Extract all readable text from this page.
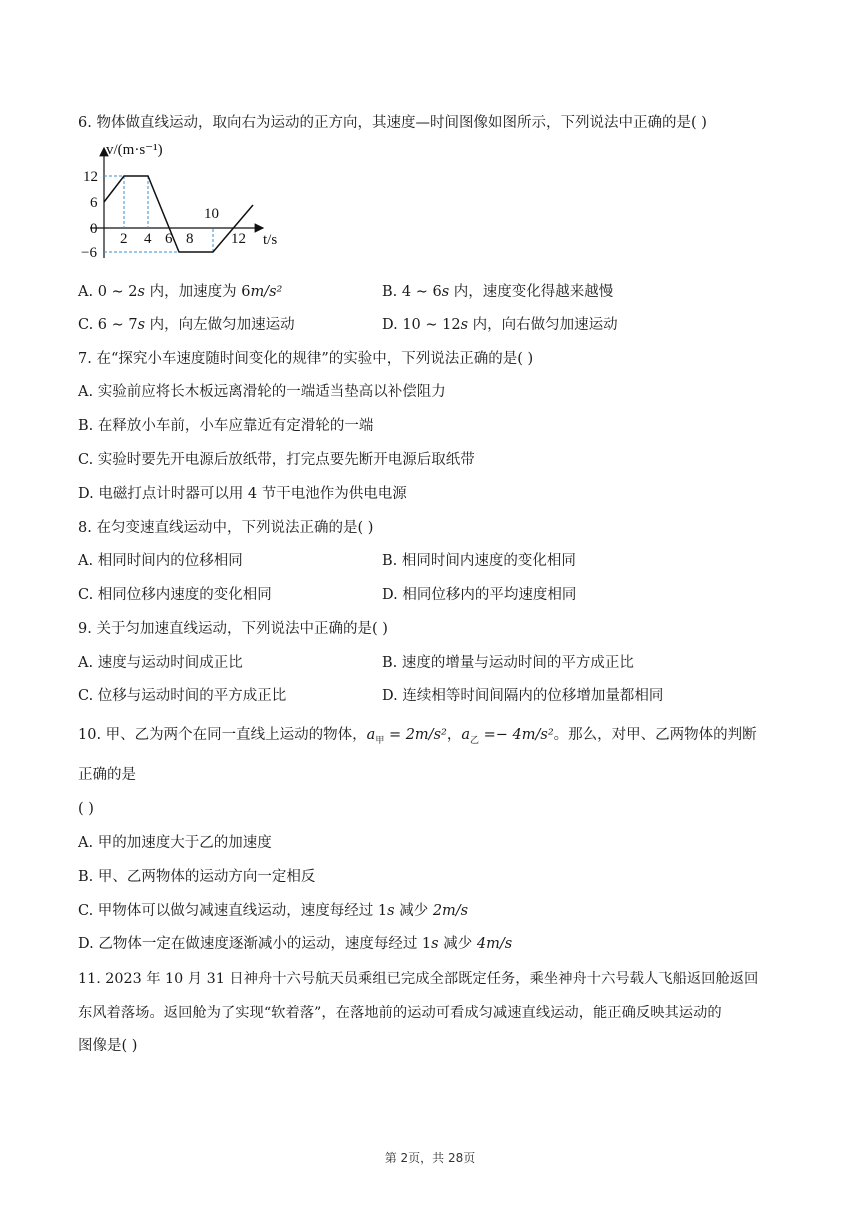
6. 物体做直线运动，取向右为运动的正方向，其速度—时间图像如图所示，下列说法中正确的是( )
v/(m·s⁻¹)
t/s
12
6
0
−6
2 4 6 8
10
12
A. 0 ∼ 2s 内，加速度为 6m/s²	B. 4 ∼ 6s 内，速度变化得越来越慢
C. 6 ∼ 7s 内，向左做匀加速运动	D. 10 ∼ 12s 内，向右做匀加速运动
7. 在“探究小车速度随时间变化的规律”的实验中，下列说法正确的是( )
A. 实验前应将长木板远离滑轮的一端适当垫高以补偿阻力
B. 在释放小车前，小车应靠近有定滑轮的一端
C. 实验时要先开电源后放纸带，打完点要先断开电源后取纸带
D. 电磁打点计时器可以用 4 节干电池作为供电电源
8. 在匀变速直线运动中，下列说法正确的是( )
A. 相同时间内的位移相同	B. 相同时间内速度的变化相同
C. 相同位移内速度的变化相同	D. 相同位移内的平均速度相同
9. 关于匀加速直线运动，下列说法中正确的是( )
A. 速度与运动时间成正比	B. 速度的增量与运动时间的平方成正比
C. 位移与运动时间的平方成正比	D. 连续相等时间间隔内的位移增加量都相同
10. 甲、乙为两个在同一直线上运动的物体，$a_甲 = 2m/s^2$，$a_乙 =- 4m/s^2$。那么，对甲、乙两物体的判断
正确的是
( )
A. 甲的加速度大于乙的加速度
B. 甲、乙两物体的运动方向一定相反
C. 甲物体可以做匀减速直线运动，速度每经过 1s 减少 2m/s
D. 乙物体一定在做速度逐渐减小的运动，速度每经过 1s 减少 4m/s
11. 2023 年 10 月 31 日神舟十六号航天员乘组已完成全部既定任务，乘坐神舟十六号载人飞船返回舱返回
东风着落场。返回舱为了实现“软着落”，在落地前的运动可看成匀减速直线运动，能正确反映其运动的
图像是( )
第 2页，共 28页
